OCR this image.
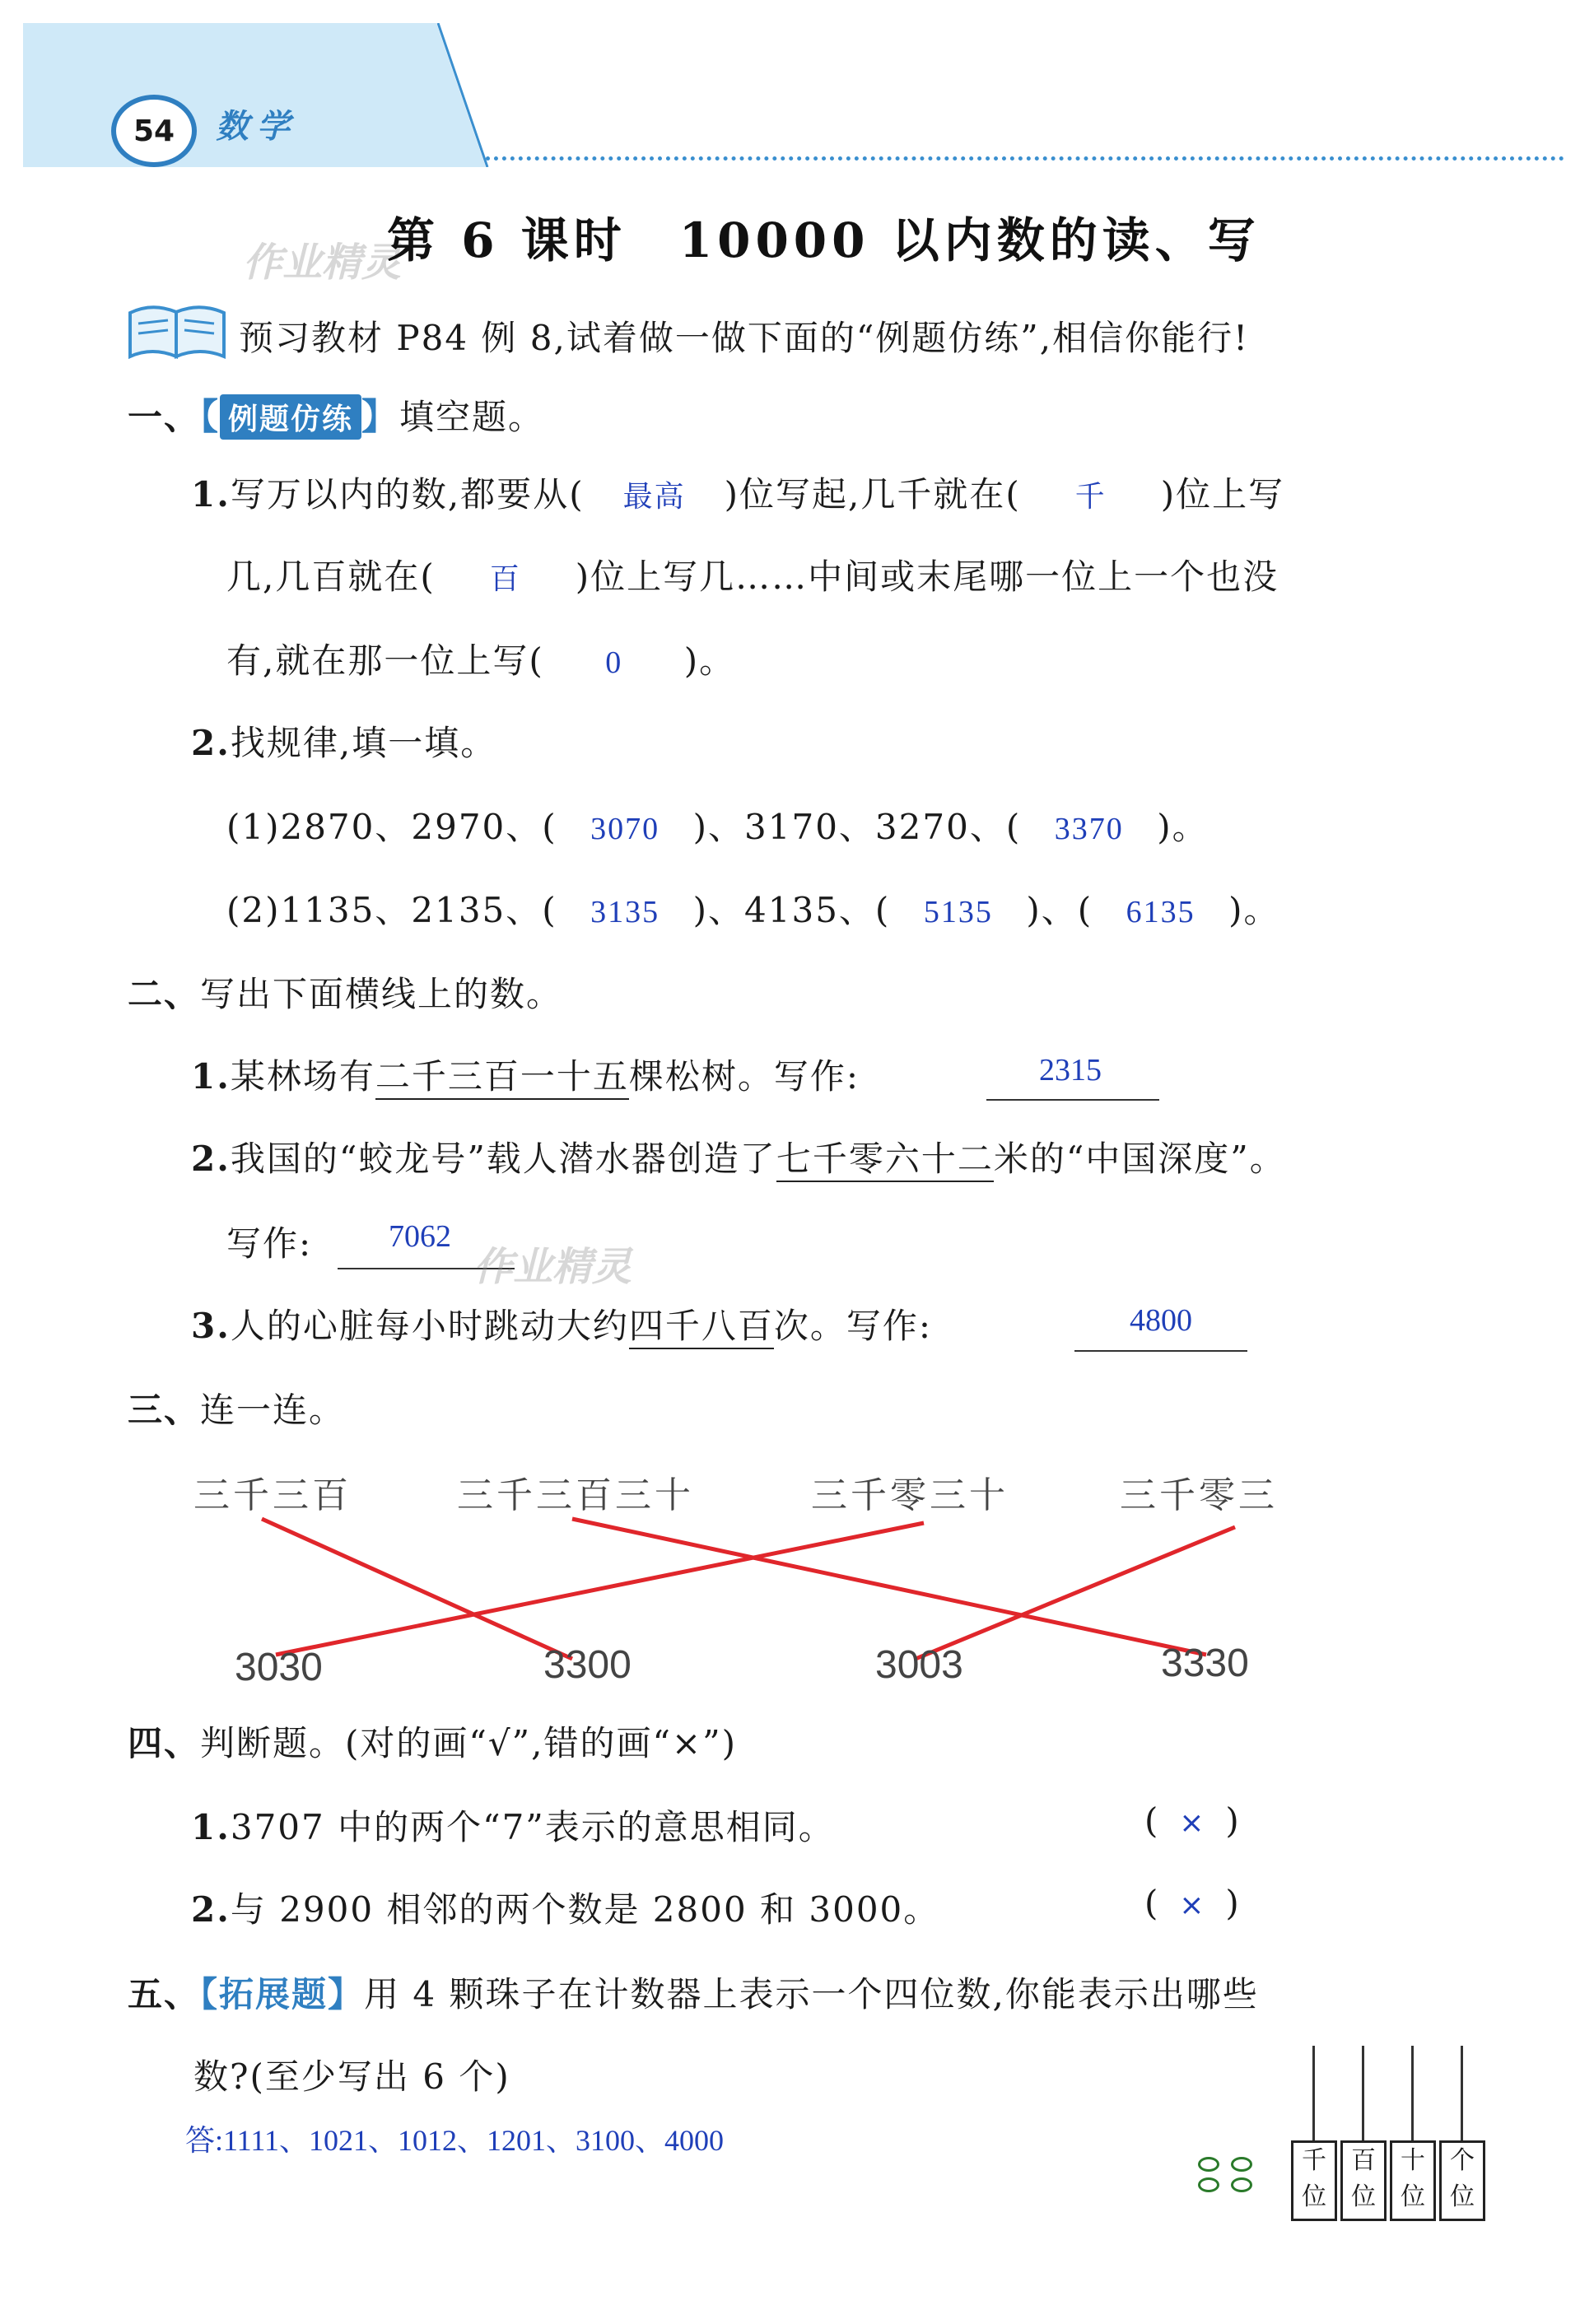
54	数学
作业精灵
第 6 课时　10000 以内数的读、写
预习教材 P84 例 8,试着做一做下面的“例题仿练”,相信你能行!
一、【 例题仿练 】填空题。
1.写万以内的数,都要从( 最高 )位写起,几千就在( 千 )位上写
几,几百就在( 百 )位上写几……中间或末尾哪一位上一个也没
有,就在那一位上写( 0 )。
2.找规律,填一填。
(1)2870、2970、( 3070 )、3170、3270、( 3370 )。
(2)1135、2135、( 3135 )、4135、( 5135 )、( 6135 )。
二、写出下面横线上的数。
1.某林场有二千三百一十五棵松树。写作:	2315
2.我国的“蛟龙号”载人潜水器创造了七千零六十二米的“中国深度”。
写作:	7062
作业精灵
3.人的心脏每小时跳动大约四千八百次。写作:	4800
三、连一连。
三千三百	三千三百三十	三千零三十	三千零三
3030	3300	3003	3330
四、判断题。(对的画“√”,错的画“×”)
1.3707 中的两个“7”表示的意思相同。	( × )
2.与 2900 相邻的两个数是 2800 和 3000。	( × )
五、【拓展题】用 4 颗珠子在计数器上表示一个四位数,你能表示出哪些
数?(至少写出 6 个)
答:1111、1021、1012、1201、3100、4000
千
位
百
位
十
位
个
位
